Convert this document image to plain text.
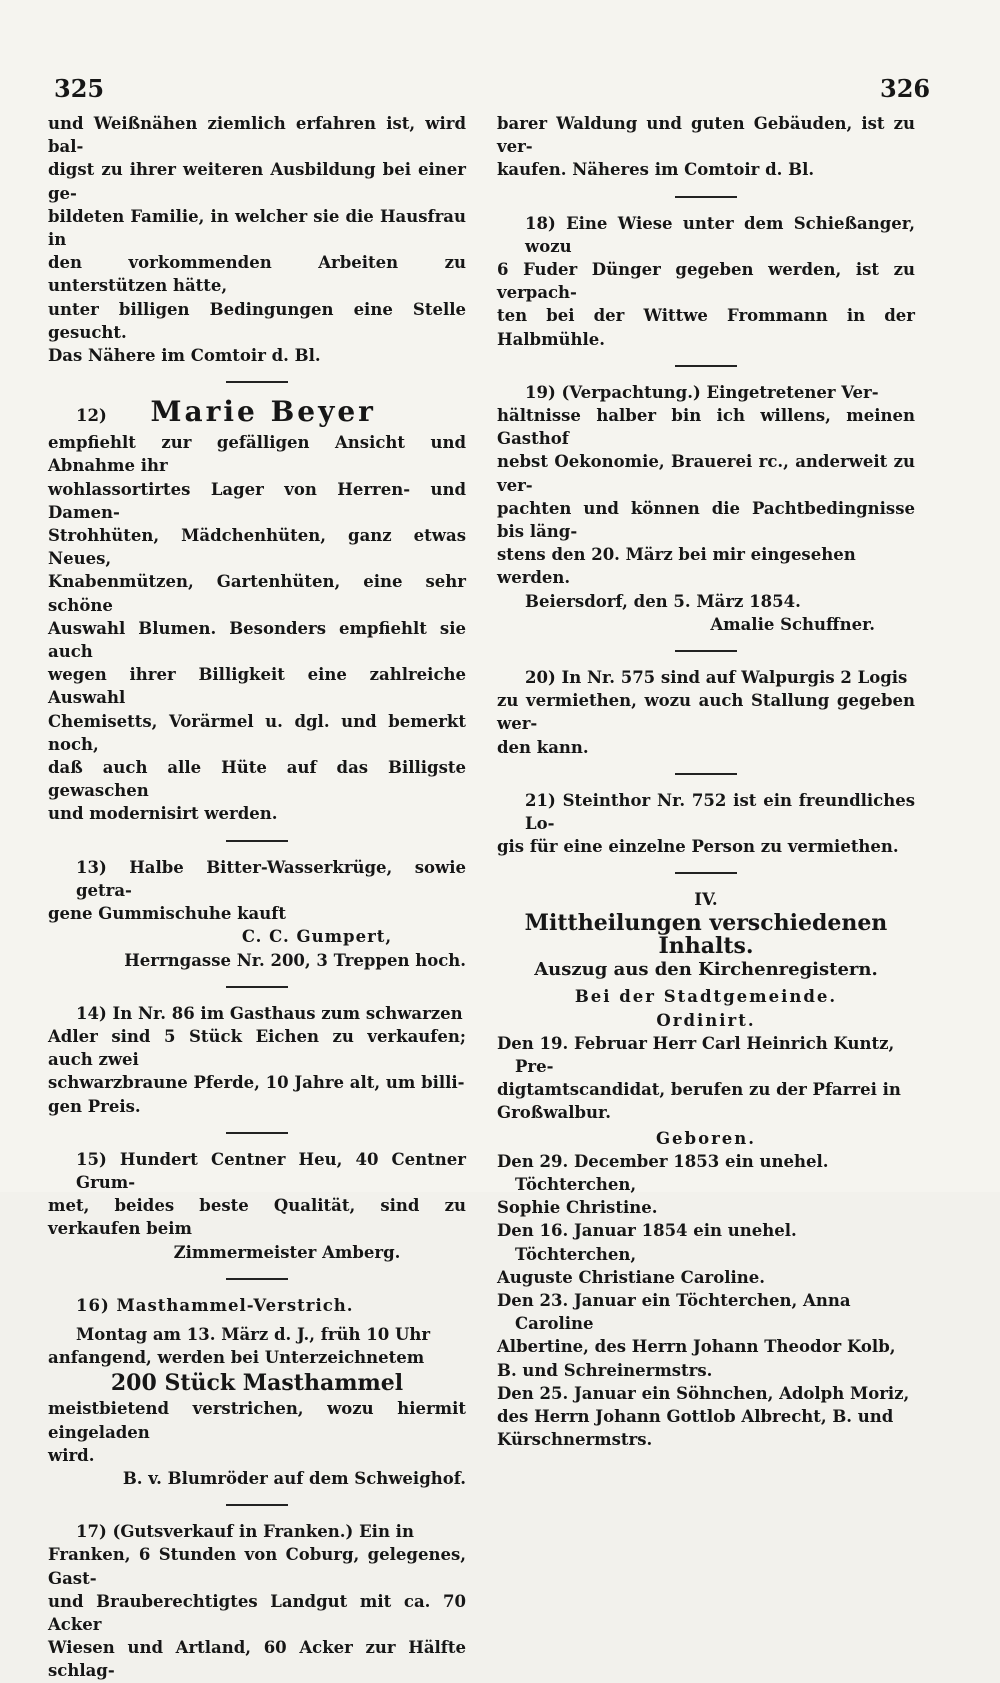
325	326

und Weißnähen ziemlich erfahren ist, wird bal-

digst zu ihrer weiteren Ausbildung bei einer ge-

bildeten Familie, in welcher sie die Hausfrau in

den vorkommenden Arbeiten zu unterstützen hätte,

unter billigen Bedingungen eine Stelle gesucht.

Das Nähere im Comtoir d. Bl.

12) Marie Beyer

empfiehlt zur gefälligen Ansicht und Abnahme ihr

wohlassortirtes Lager von Herren- und Damen-

Strohhüten, Mädchenhüten, ganz etwas Neues,

Knabenmützen, Gartenhüten, eine sehr schöne

Auswahl Blumen. Besonders empfiehlt sie auch

wegen ihrer Billigkeit eine zahlreiche Auswahl

Chemisetts, Vorärmel u. dgl. und bemerkt noch,

daß auch alle Hüte auf das Billigste gewaschen

und modernisirt werden.

13) Halbe Bitter-Wasserkrüge, sowie getra-

gene Gummischuhe kauft

C. C. Gumpert,

Herrngasse Nr. 200, 3 Treppen hoch.

14) In Nr. 86 im Gasthaus zum schwarzen

Adler sind 5 Stück Eichen zu verkaufen; auch zwei

schwarzbraune Pferde, 10 Jahre alt, um billi-

gen Preis.

15) Hundert Centner Heu, 40 Centner Grum-

met, beides beste Qualität, sind zu verkaufen beim

Zimmermeister Amberg.

16) Masthammel-Verstrich.

Montag am 13. März d. J., früh 10 Uhr

anfangend, werden bei Unterzeichnetem

200 Stück Masthammel

meistbietend verstrichen, wozu hiermit eingeladen

wird.

B. v. Blumröder auf dem Schweighof.

17) (Gutsverkauf in Franken.) Ein in

Franken, 6 Stunden von Coburg, gelegenes, Gast-

und Brauberechtigtes Landgut mit ca. 70 Acker

Wiesen und Artland, 60 Acker zur Hälfte schlag-

barer Waldung und guten Gebäuden, ist zu ver-

kaufen. Näheres im Comtoir d. Bl.

18) Eine Wiese unter dem Schießanger, wozu

6 Fuder Dünger gegeben werden, ist zu verpach-

ten bei der Wittwe Frommann in der Halbmühle.

19) (Verpachtung.) Eingetretener Ver-

hältnisse halber bin ich willens, meinen Gasthof

nebst Oekonomie, Brauerei rc., anderweit zu ver-

pachten und können die Pachtbedingnisse bis läng-

stens den 20. März bei mir eingesehen werden.

Beiersdorf, den 5. März 1854.

Amalie Schuffner.

20) In Nr. 575 sind auf Walpurgis 2 Logis

zu vermiethen, wozu auch Stallung gegeben wer-

den kann.

21) Steinthor Nr. 752 ist ein freundliches Lo-

gis für eine einzelne Person zu vermiethen.

IV.

Mittheilungen verschiedenen Inhalts.

Auszug aus den Kirchenregistern.

Bei der Stadtgemeinde.

Ordinirt.

Den 19. Februar Herr Carl Heinrich Kuntz, Pre-

digtamtscandidat, berufen zu der Pfarrei in

Großwalbur.

Geboren.

Den 29. December 1853 ein unehel. Töchterchen,

Sophie Christine.

Den 16. Januar 1854 ein unehel. Töchterchen,

Auguste Christiane Caroline.

Den 23. Januar ein Töchterchen, Anna Caroline

Albertine, des Herrn Johann Theodor Kolb,

B. und Schreinermstrs.

Den 25. Januar ein Söhnchen, Adolph Moriz,

des Herrn Johann Gottlob Albrecht, B. und

Kürschnermstrs.
